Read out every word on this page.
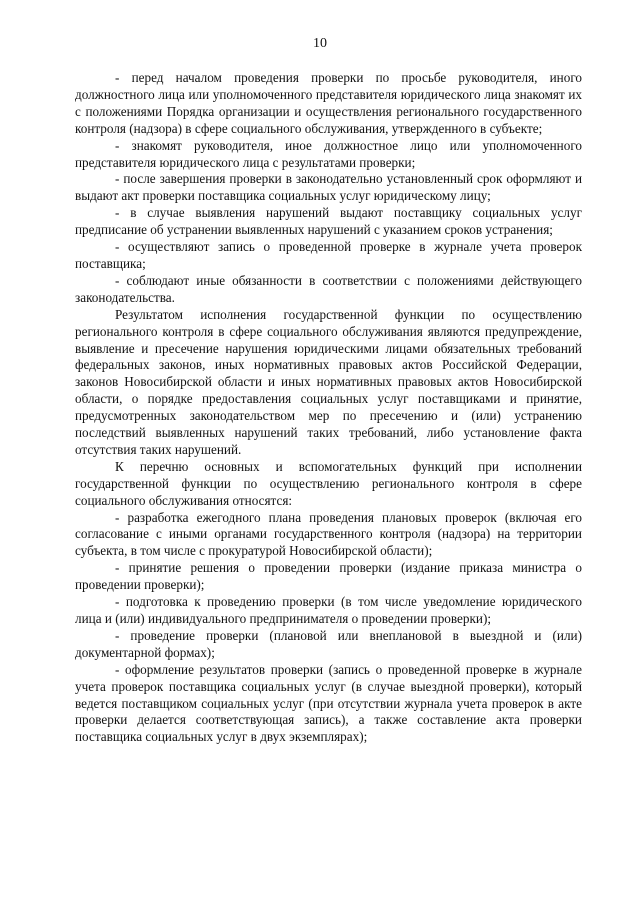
10

- перед началом проведения проверки по просьбе руководителя, иного должностного лица или уполномоченного представителя юридического лица знакомят их с положениями Порядка организации и осуществления регионального государственного контроля (надзора) в сфере социального обслуживания, утвержденного в субъекте;

- знакомят руководителя, иное должностное лицо или уполномоченного представителя юридического лица с результатами проверки;

- после завершения проверки в законодательно установленный срок оформляют и выдают акт проверки поставщика социальных услуг юридическому лицу;

- в случае выявления нарушений выдают поставщику социальных услуг предписание об устранении выявленных нарушений с указанием сроков устранения;

- осуществляют запись о проведенной проверке в журнале учета проверок поставщика;

- соблюдают иные обязанности в соответствии с положениями действующего законодательства.

Результатом исполнения государственной функции по осуществлению регионального контроля в сфере социального обслуживания являются предупреждение, выявление и пресечение нарушения юридическими лицами обязательных требований федеральных законов, иных нормативных правовых актов Российской Федерации, законов Новосибирской области и иных нормативных правовых актов Новосибирской области, о порядке предоставления социальных услуг поставщиками и принятие, предусмотренных законодательством мер по пресечению и (или) устранению последствий выявленных нарушений таких требований, либо установление факта отсутствия таких нарушений.

К перечню основных и вспомогательных функций при исполнении государственной функции по осуществлению регионального контроля в сфере социального обслуживания относятся:

- разработка ежегодного плана проведения плановых проверок (включая его согласование с иными органами государственного контроля (надзора) на территории субъекта, в том числе с прокуратурой Новосибирской области);

- принятие решения о проведении проверки (издание приказа министра о проведении проверки);

- подготовка к проведению проверки (в том числе уведомление юридического лица и (или) индивидуального предпринимателя о проведении проверки);

- проведение проверки (плановой или внеплановой в выездной и (или) документарной формах);

- оформление результатов проверки (запись о проведенной проверке в журнале учета проверок поставщика социальных услуг (в случае выездной проверки), который ведется поставщиком социальных услуг (при отсутствии журнала учета проверок в акте проверки делается соответствующая запись), а также составление акта проверки поставщика социальных услуг в двух экземплярах);
